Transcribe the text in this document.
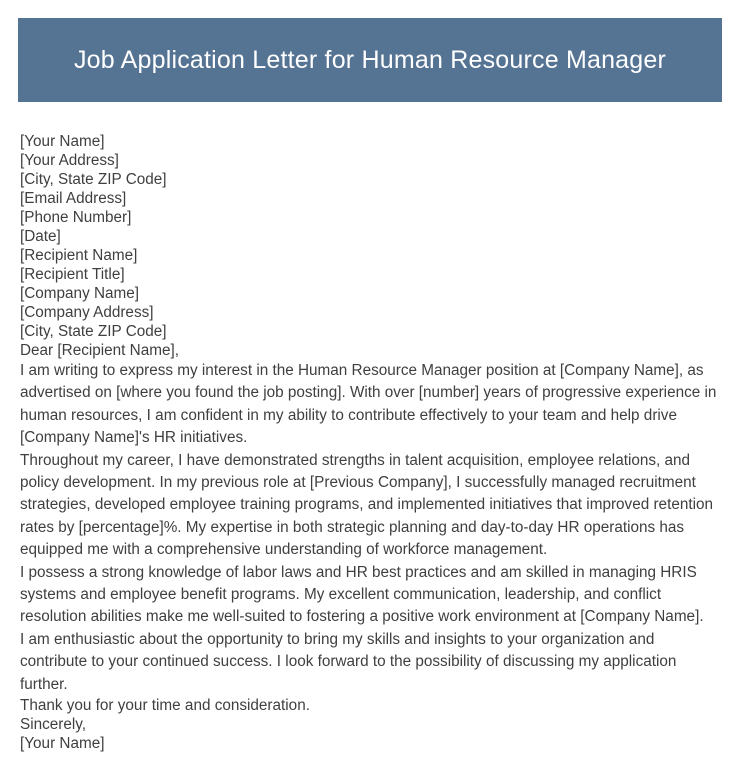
Job Application Letter for Human Resource Manager
[Your Name]
[Your Address]
[City, State ZIP Code]
[Email Address]
[Phone Number]
[Date]
[Recipient Name]
[Recipient Title]
[Company Name]
[Company Address]
[City, State ZIP Code]
Dear [Recipient Name],

I am writing to express my interest in the Human Resource Manager position at [Company Name], as advertised on [where you found the job posting]. With over [number] years of progressive experience in human resources, I am confident in my ability to contribute effectively to your team and help drive [Company Name]'s HR initiatives.

Throughout my career, I have demonstrated strengths in talent acquisition, employee relations, and policy development. In my previous role at [Previous Company], I successfully managed recruitment strategies, developed employee training programs, and implemented initiatives that improved retention rates by [percentage]%. My expertise in both strategic planning and day-to-day HR operations has equipped me with a comprehensive understanding of workforce management.

I possess a strong knowledge of labor laws and HR best practices and am skilled in managing HRIS systems and employee benefit programs. My excellent communication, leadership, and conflict resolution abilities make me well-suited to fostering a positive work environment at [Company Name].

I am enthusiastic about the opportunity to bring my skills and insights to your organization and contribute to your continued success. I look forward to the possibility of discussing my application further.

Thank you for your time and consideration.
Sincerely,
[Your Name]
